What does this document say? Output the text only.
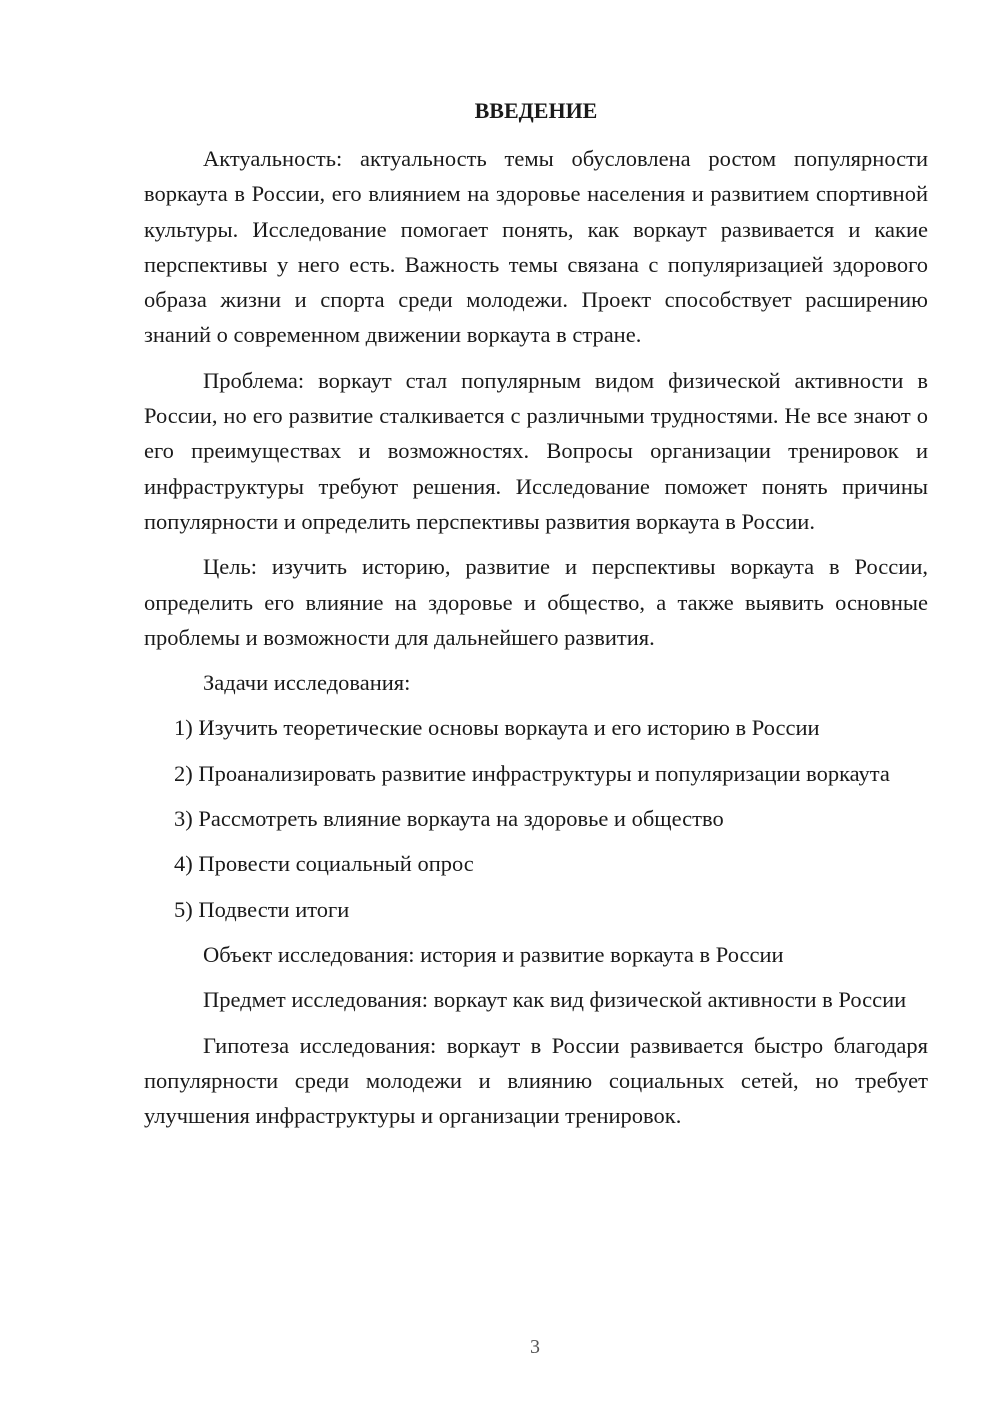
ВВЕДЕНИЕ

Актуальность: актуальность темы обусловлена ростом популярности воркаута в России, его влиянием на здоровье населения и развитием спортивной культуры. Исследование помогает понять, как воркаут развивается и какие перспективы у него есть. Важность темы связана с популяризацией здорового образа жизни и спорта среди молодежи. Проект способствует расширению знаний о современном движении воркаута в стране.

Проблема: воркаут стал популярным видом физической активности в России, но его развитие сталкивается с различными трудностями. Не все знают о его преимуществах и возможностях. Вопросы организации тренировок и инфраструктуры требуют решения. Исследование поможет понять причины популярности и определить перспективы развития воркаута в России.

Цель: изучить историю, развитие и перспективы воркаута в России, определить его влияние на здоровье и общество, а также выявить основные проблемы и возможности для дальнейшего развития.

Задачи исследования:

1) Изучить теоретические основы воркаута и его историю в России

2) Проанализировать развитие инфраструктуры и популяризации воркаута

3) Рассмотреть влияние воркаута на здоровье и общество

4) Провести социальный опрос

5) Подвести итоги

Объект исследования: история и развитие воркаута в России

Предмет исследования: воркаут как вид физической активности в России

Гипотеза исследования: воркаут в России развивается быстро благодаря популярности среди молодежи и влиянию социальных сетей, но требует улучшения инфраструктуры и организации тренировок.

3
